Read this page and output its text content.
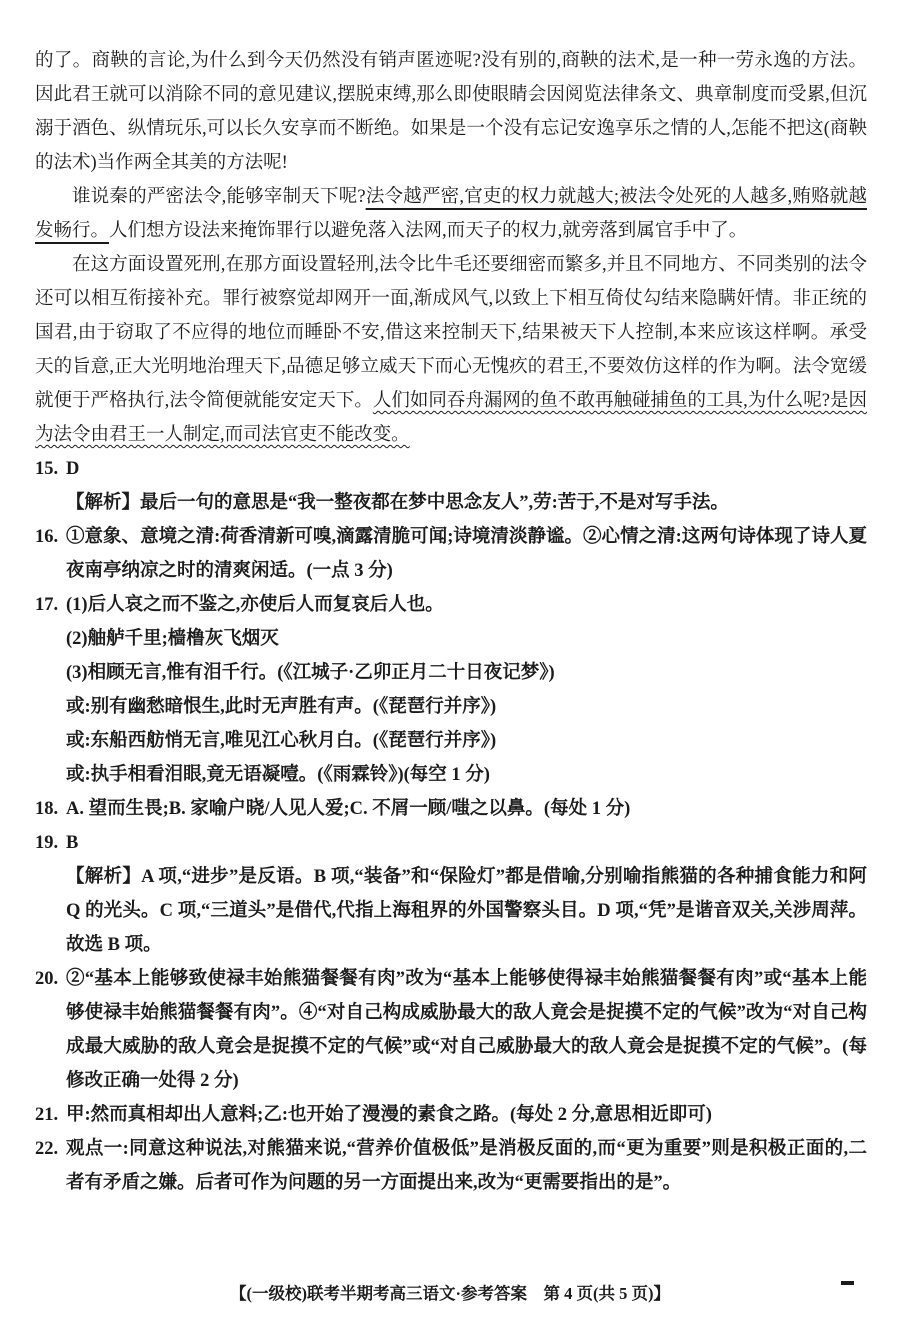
的了。商鞅的言论,为什么到今天仍然没有销声匿迹呢?没有别的,商鞅的法术,是一种一劳永逸的方法。因此君王就可以消除不同的意见建议,摆脱束缚,那么即使眼睛会因阅览法律条文、典章制度而受累,但沉溺于酒色、纵情玩乐,可以长久安享而不断绝。如果是一个没有忘记安逸享乐之情的人,怎能不把这(商鞅的法术)当作两全其美的方法呢!

谁说秦的严密法令,能够宰制天下呢?法令越严密,官吏的权力就越大;被法令处死的人越多,贿赂就越发畅行。人们想方设法来掩饰罪行以避免落入法网,而天子的权力,就旁落到属官手中了。

在这方面设置死刑,在那方面设置轻刑,法令比牛毛还要细密而繁多,并且不同地方、不同类别的法令还可以相互衔接补充。罪行被察觉却网开一面,渐成风气,以致上下相互倚仗勾结来隐瞒奸情。非正统的国君,由于窃取了不应得的地位而睡卧不安,借这来控制天下,结果被天下人控制,本来应该这样啊。承受天的旨意,正大光明地治理天下,品德足够立威天下而心无愧疚的君王,不要效仿这样的作为啊。法令宽缓就便于严格执行,法令简便就能安定天下。人们如同吞舟漏网的鱼不敢再触碰捕鱼的工具,为什么呢?是因为法令由君王一人制定,而司法官吏不能改变。

15. D
【解析】最后一句的意思是“我一整夜都在梦中思念友人”,劳:苦于,不是对写手法。
16. ①意象、意境之清:荷香清新可嗅,滴露清脆可闻;诗境清淡静谧。②心情之清:这两句诗体现了诗人夏夜南亭纳凉之时的清爽闲适。(一点 3 分)
17. (1)后人哀之而不鉴之,亦使后人而复哀后人也。
(2)舳舻千里;樯橹灰飞烟灭
(3)相顾无言,惟有泪千行。(《江城子·乙卯正月二十日夜记梦》)
或:别有幽愁暗恨生,此时无声胜有声。(《琵琶行并序》)
或:东船西舫悄无言,唯见江心秋月白。(《琵琶行并序》)
或:执手相看泪眼,竟无语凝噎。(《雨霖铃》)(每空 1 分)
18. A. 望而生畏;B. 家喻户晓/人见人爱;C. 不屑一顾/嗤之以鼻。(每处 1 分)
19. B
【解析】A 项,“进步”是反语。B 项,“装备”和“保险灯”都是借喻,分别喻指熊猫的各种捕食能力和阿 Q 的光头。C 项,“三道头”是借代,代指上海租界的外国警察头目。D 项,“凭”是谐音双关,关涉周萍。故选 B 项。
20. ②“基本上能够致使禄丰始熊猫餐餐有肉”改为“基本上能够使得禄丰始熊猫餐餐有肉”或“基本上能够使禄丰始熊猫餐餐有肉”。④“对自己构成威胁最大的敌人竟会是捉摸不定的气候”改为“对自己构成最大威胁的敌人竟会是捉摸不定的气候”或“对自己威胁最大的敌人竟会是捉摸不定的气候”。(每修改正确一处得 2 分)
21. 甲:然而真相却出人意料;乙:也开始了漫漫的素食之路。(每处 2 分,意思相近即可)
22. 观点一:同意这种说法,对熊猫来说,“营养价值极低”是消极反面的,而“更为重要”则是积极正面的,二者有矛盾之嫌。后者可作为问题的另一方面提出来,改为“更需要指出的是”。
【(一级校)联考半期考高三语文·参考答案 第 4 页(共 5 页)】
